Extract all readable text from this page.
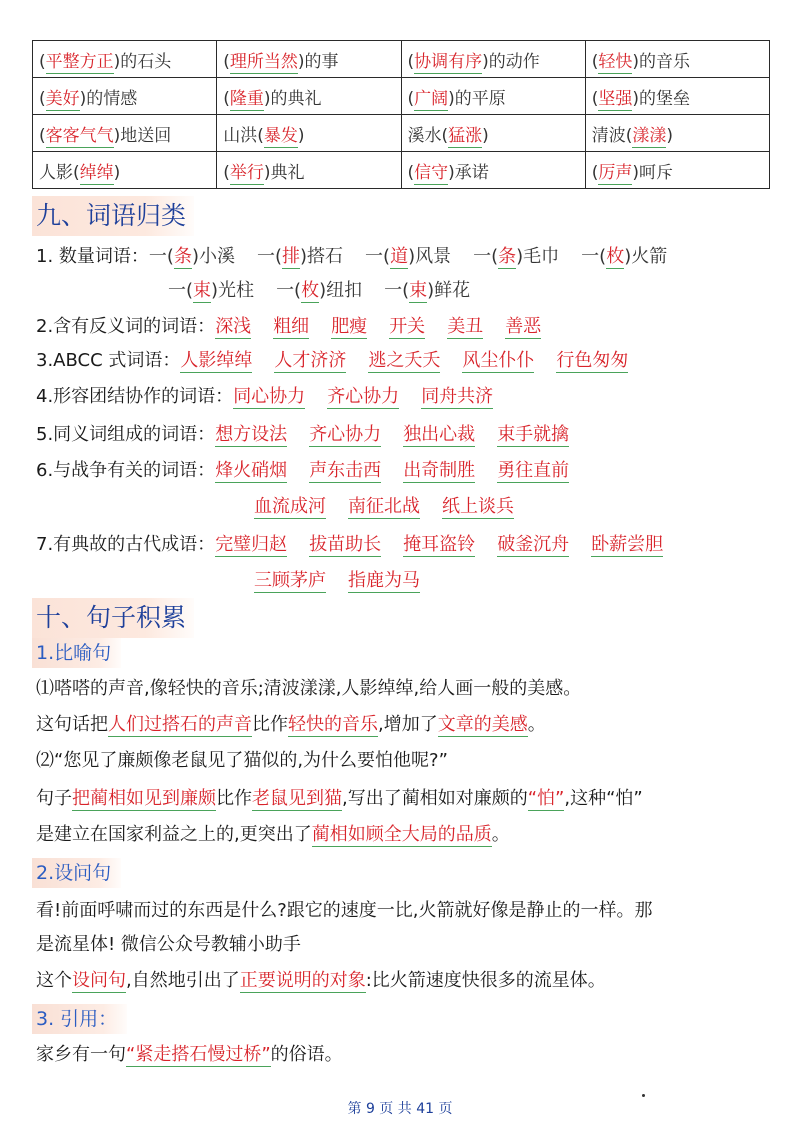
(平整方正)的石头	(理所当然)的事	(协调有序)的动作	(轻快)的音乐
(美好)的情感	(隆重)的典礼	(广阔)的平原	(坚强)的堡垒
(客客气气)地送回	山洪(暴发)	溪水(猛涨)	清波(漾漾)
人影(绰绰)	(举行)典礼	(信守)承诺	(厉声)呵斥
九、词语归类
1. 数量词语：一(条)小溪 一(排)搭石 一(道)风景 一(条)毛巾 一(枚)火箭
一(束)光柱 一(枚)纽扣 一(束)鲜花
2.含有反义词的词语：深浅 粗细 肥瘦 开关 美丑 善恶
3.ABCC 式词语：人影绰绰 人才济济 逃之夭夭 风尘仆仆 行色匆匆
4.形容团结协作的词语：同心协力 齐心协力 同舟共济
5.同义词组成的词语：想方设法 齐心协力 独出心裁 束手就擒
6.与战争有关的词语：烽火硝烟 声东击西 出奇制胜 勇往直前
血流成河 南征北战 纸上谈兵
7.有典故的古代成语：完璧归赵 拔苗助长 掩耳盗铃 破釜沉舟 卧薪尝胆
三顾茅庐 指鹿为马
十、句子积累
1.比喻句
⑴嗒嗒的声音,像轻快的音乐;清波漾漾,人影绰绰,给人画一般的美感。
这句话把人们过搭石的声音比作轻快的音乐,增加了文章的美感。
⑵“您见了廉颇像老鼠见了猫似的,为什么要怕他呢?”
句子把蔺相如见到廉颇比作老鼠见到猫,写出了蔺相如对廉颇的“怕”,这种“怕”
是建立在国家利益之上的,更突出了蔺相如顾全大局的品质。
2.设问句
看!前面呼啸而过的东西是什么?跟它的速度一比,火箭就好像是静止的一样。那
是流星体! 微信公众号教辅小助手
这个设问句,自然地引出了正要说明的对象:比火箭速度快很多的流星体。
3. 引用：
家乡有一句“紧走搭石慢过桥”的俗语。
第 9 页 共 41 页
